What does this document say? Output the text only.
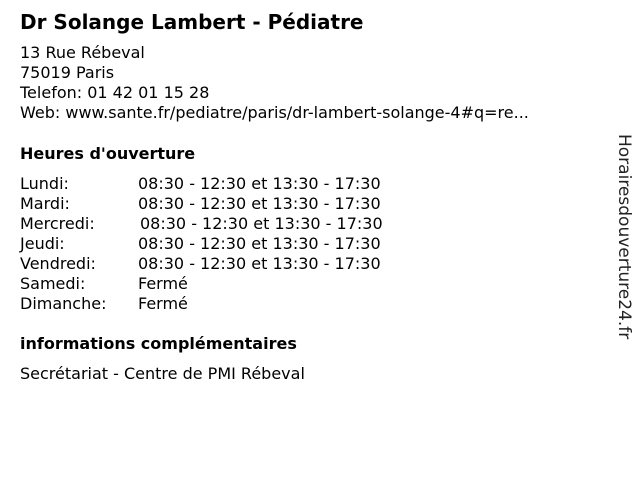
Dr Solange Lambert - Pédiatre
13 Rue Rébeval
75019 Paris
Telefon: 01 42 01 15 28
Web: www.sante.fr/pediatre/paris/dr-lambert-solange-4#q=re...
Heures d'ouverture
Lundi:	08:30 - 12:30 et 13:30 - 17:30
Mardi:	08:30 - 12:30 et 13:30 - 17:30
Mercredi:	08:30 - 12:30 et 13:30 - 17:30
Jeudi:	08:30 - 12:30 et 13:30 - 17:30
Vendredi:	08:30 - 12:30 et 13:30 - 17:30
Samedi:	Fermé
Dimanche: Fermé
informations complémentaires
Secrétariat - Centre de PMI Rébeval
Horairesdouverture24.fr
